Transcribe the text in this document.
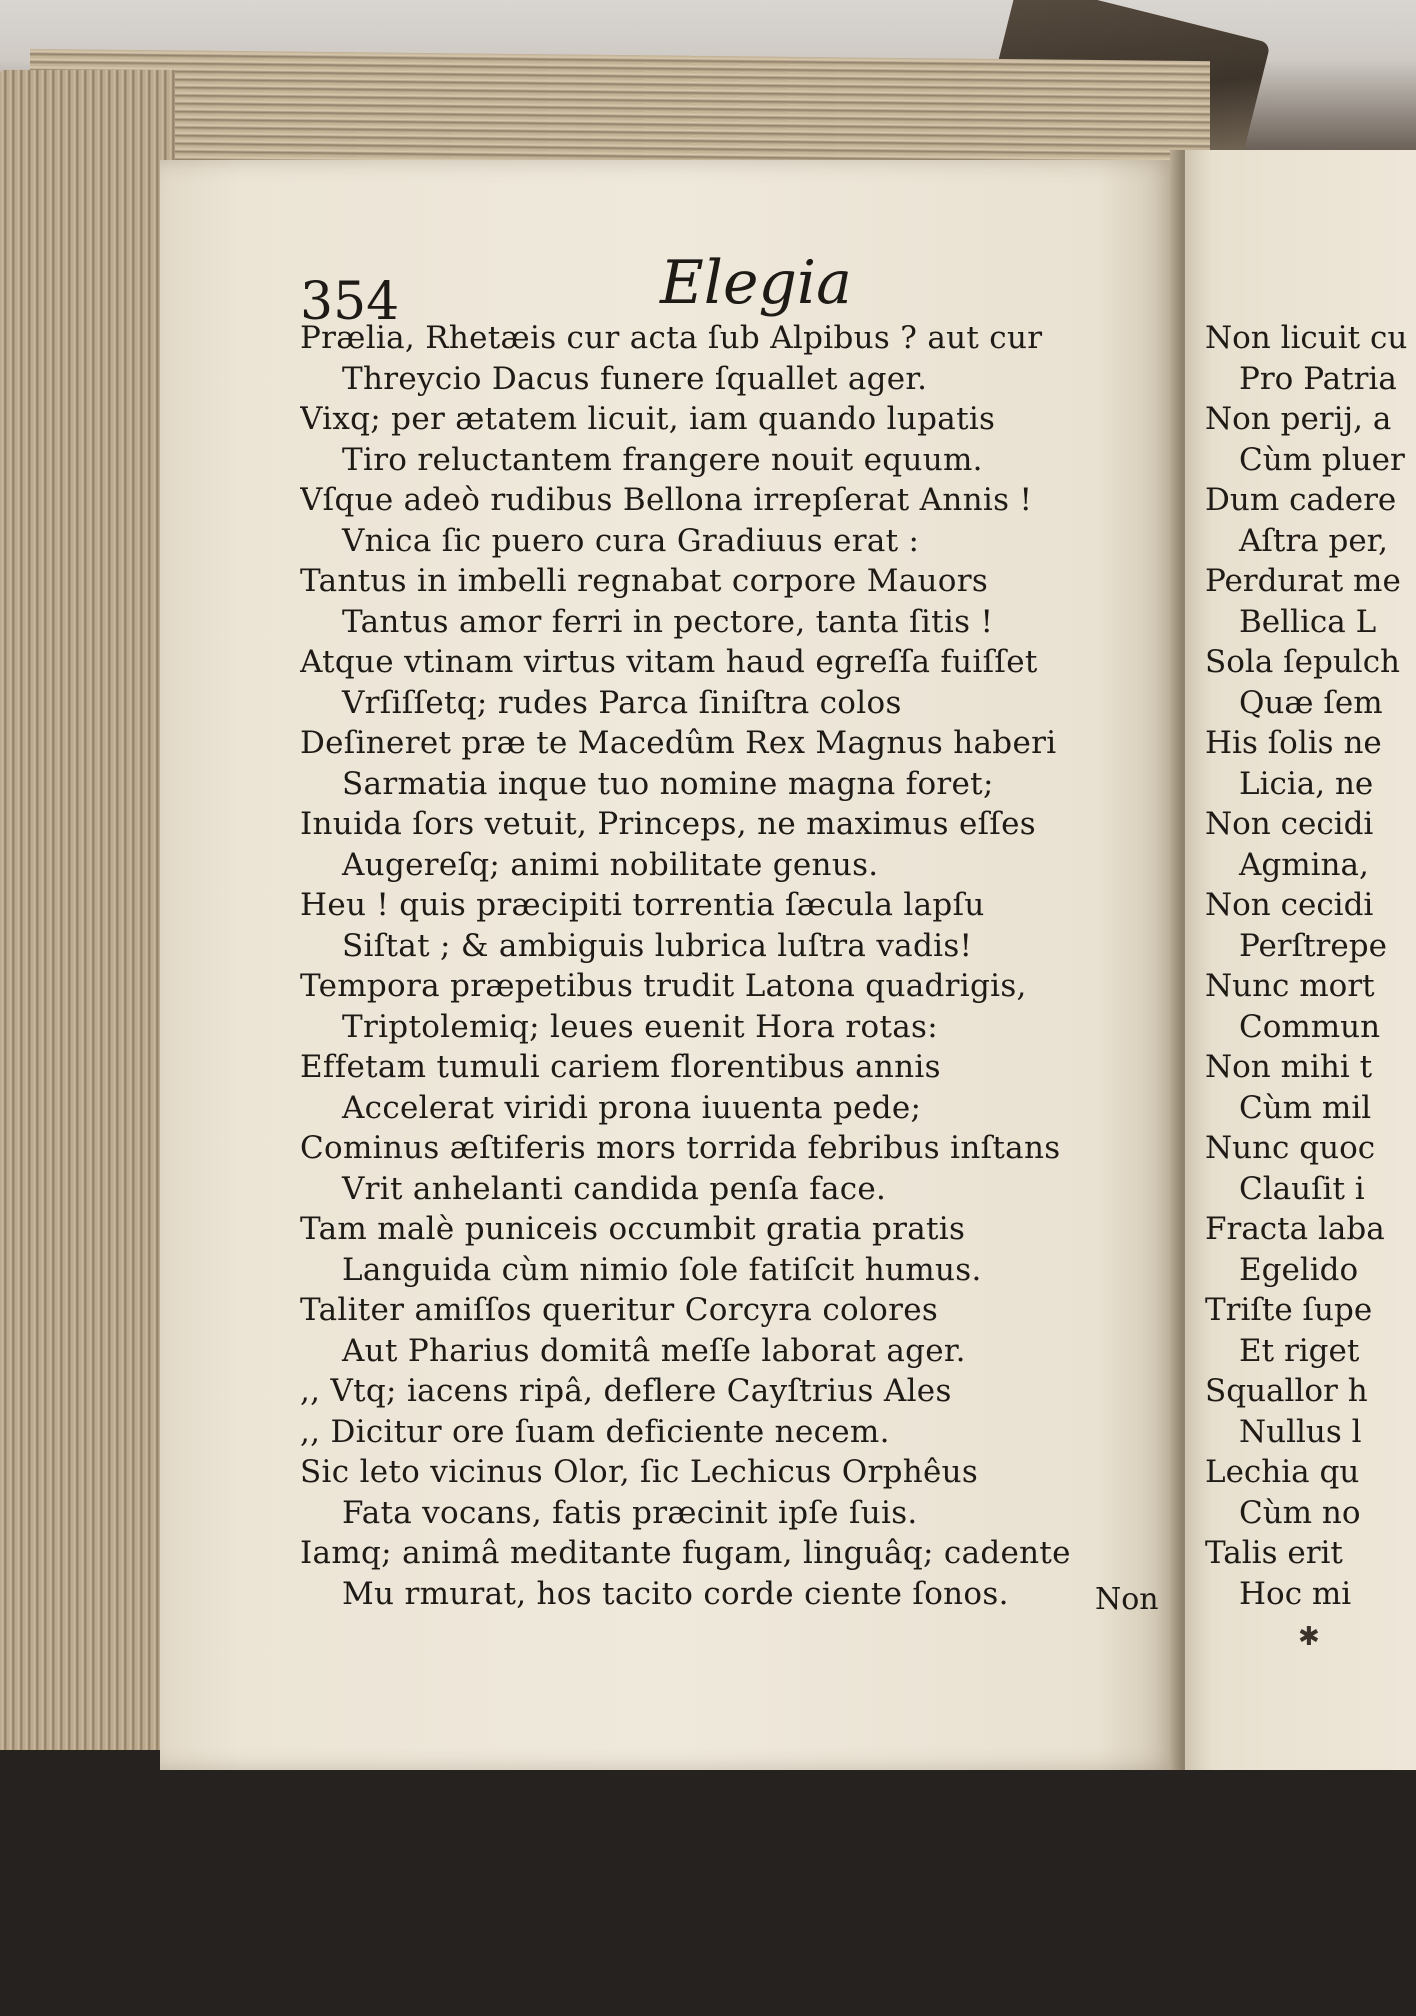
354	Elegia

Prælia, Rhetæis cur acta ſub Alpibus ? aut cur
Threycio Dacus funere ſquallet ager.
Vixq; per ætatem licuit, iam quando lupatis
Tiro reluctantem frangere nouit equum.
Vſque adeò rudibus Bellona irrepſerat Annis !
Vnica ſic puero cura Gradiuus erat :
Tantus in imbelli regnabat corpore Mauors
Tantus amor ferri in pectore, tanta ſitis !
Atque vtinam virtus vitam haud egreſſa fuiſſet
Vrſiſſetq; rudes Parca ſiniſtra colos
Deſineret præ te Macedûm Rex Magnus haberi
Sarmatia inque tuo nomine magna foret;
Inuida ſors vetuit, Princeps, ne maximus eſſes
Augereſq; animi nobilitate genus.
Heu ! quis præcipiti torrentia ſæcula lapſu
Siſtat ; & ambiguis lubrica luſtra vadis!
Tempora præpetibus trudit Latona quadrigis,
Triptolemiq; leues euenit Hora rotas:
Effetam tumuli cariem florentibus annis
Accelerat viridi prona iuuenta pede;
Cominus æſtiferis mors torrida febribus inſtans
Vrit anhelanti candida penſa face.
Tam malè puniceis occumbit gratia pratis
Languida cùm nimio ſole fatiſcit humus.
Taliter amiſſos queritur Corcyra colores
Aut Pharius domitâ meſſe laborat ager.
,, Vtq; iacens ripâ, deflere Cayſtrius Ales
,, Dicitur ore ſuam deficiente necem.
Sic leto vicinus Olor, ſic Lechicus Orphêus
Fata vocans, fatis præcinit ipſe ſuis.
Iamq; animâ meditante fugam, linguâq; cadente
Mu rmurat, hos tacito corde ciente ſonos.	Non

Non licuit cu
Pro Patria
Non perij, a
Cùm pluer
Dum cadere
Aſtra per,
Perdurat me
Bellica L
Sola ſepulch
Quæ ſem
His ſolis ne
Licia, ne
Non cecidi
Agmina,
Non cecidi
Perſtrepe
Nunc mort
Commun
Non mihi t
Cùm mil
Nunc quoc
Clauſit i
Fracta laba
Egelido
Triſte ſupe
Et riget
Squallor h
Nullus l
Lechia qu
Cùm no
Talis erit
Hoc mi
✱
